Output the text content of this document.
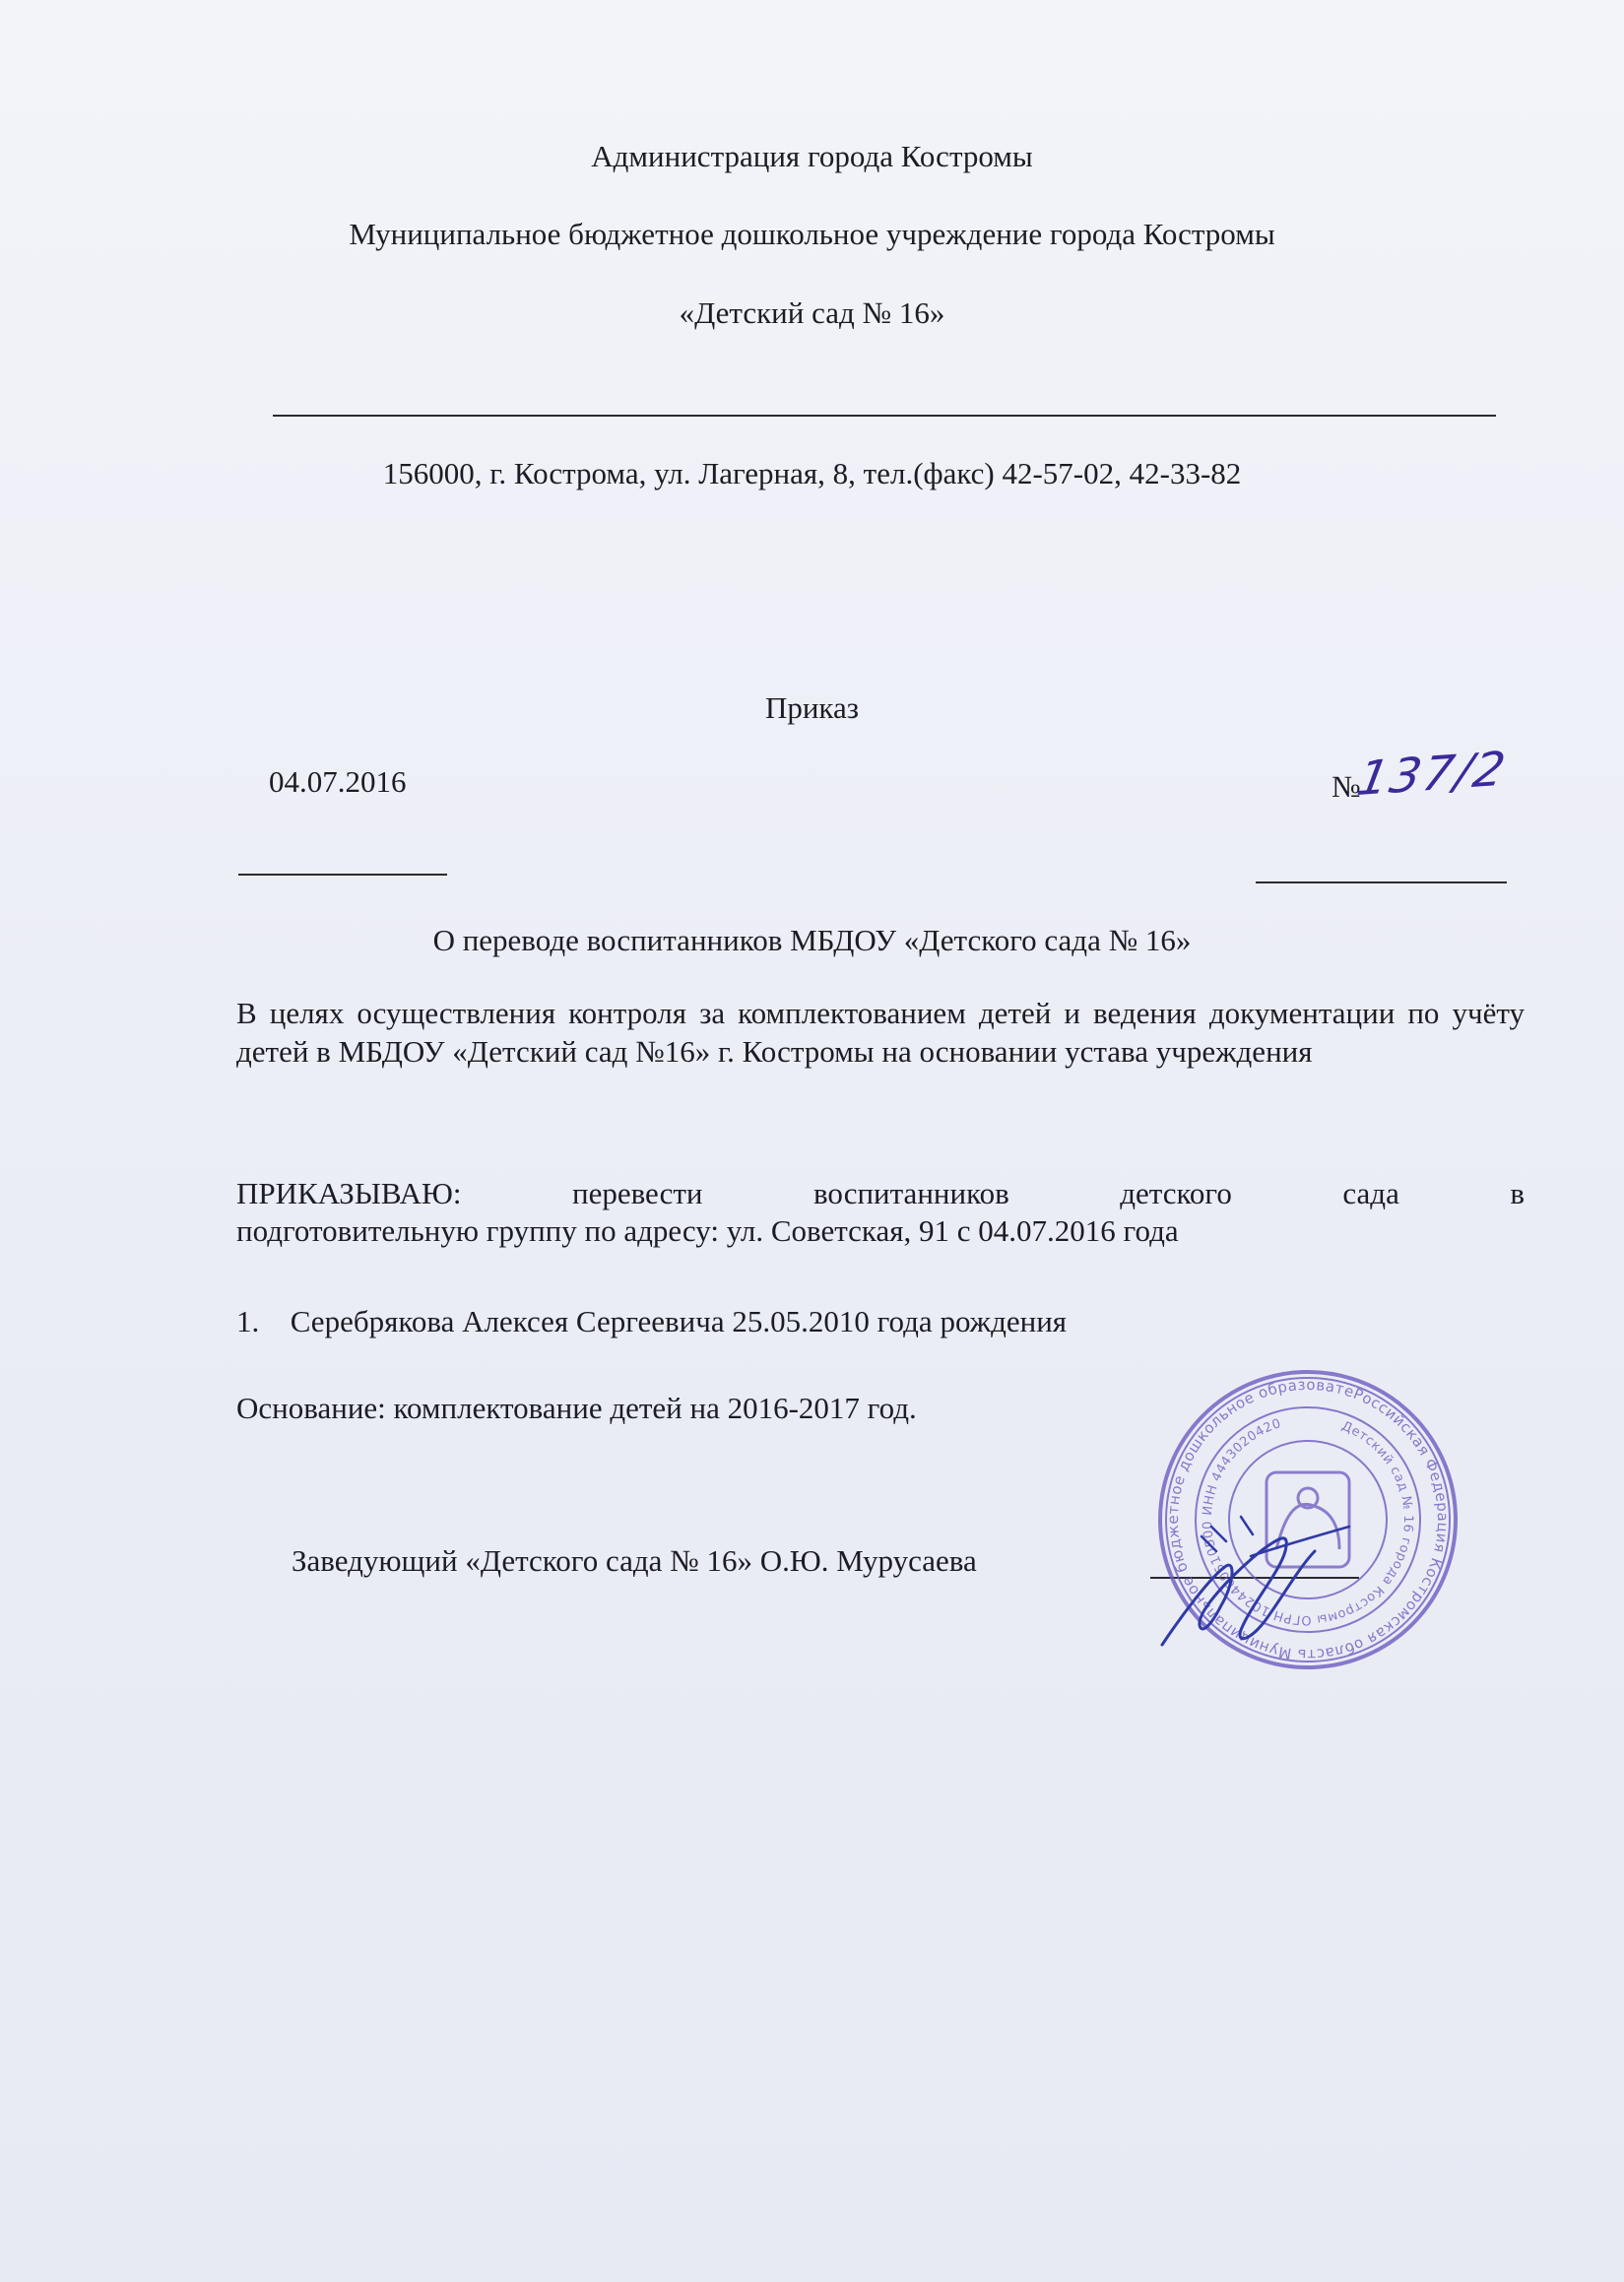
Администрация города Костромы
Муниципальное бюджетное дошкольное учреждение города Костромы
«Детский сад № 16»
156000, г. Кострома, ул. Лагерная, 8, тел.(факс) 42-57-02, 42-33-82
Приказ
04.07.2016	№
137/2
О переводе воспитанников МБДОУ «Детского сада № 16»
В целях осуществления контроля за комплектованием детей и ведения документации по учёту детей в МБДОУ «Детский сад №16» г. Костромы на основании устава учреждения
ПРИКАЗЫВАЮ: перевести воспитанников детского сада в
подготовительную группу по адресу: ул. Советская, 91 с 04.07.2016 года
1. Серебрякова Алексея Сергеевича 25.05.2010 года рождения
Основание: комплектование детей на 2016-2017 год.
Заведующий «Детского сада № 16» О.Ю. Мурусаева
Российская Федерация Костромская область Муниципальное бюджетное дошкольное образовательное
Детский сад № 16 города Костромы ОГРН 1024400510500 ИНН 4443020420
